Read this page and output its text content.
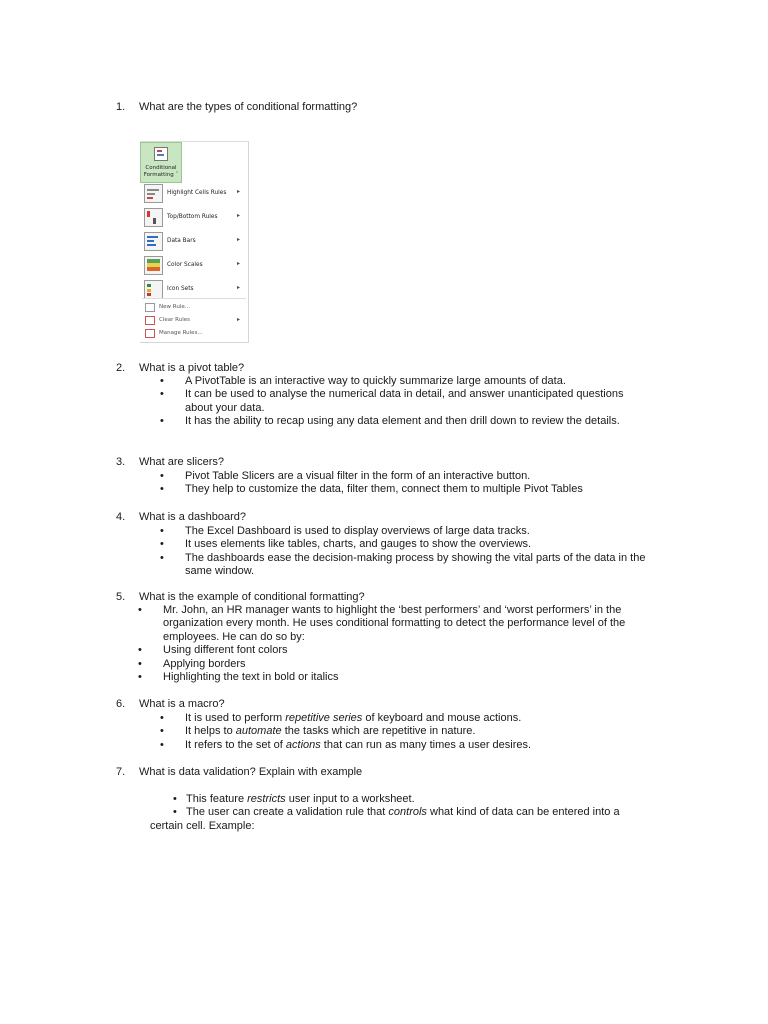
1.	What are the types of conditional formatting?
Conditional
Formatting ˇ
Highlight Cells Rules ▸
Top/Bottom Rules	▸
Data Bars	▸
Color Scales	▸
Icon Sets	▸
New Rule...
Clear Rules	▸
Manage Rules...
2.	What is a pivot table?
•	A PivotTable is an interactive way to quickly summarize large amounts of data.
•	It can be used to analyse the numerical data in detail, and answer unanticipated questions
about your data.
•	It has the ability to recap using any data element and then drill down to review the details.
3.	What are slicers?
•	Pivot Table Slicers are a visual filter in the form of an interactive button.
•	They help to customize the data, filter them, connect them to multiple Pivot Tables
4.	What is a dashboard?
•	The Excel Dashboard is used to display overviews of large data tracks.
•	It uses elements like tables, charts, and gauges to show the overviews.
•	The dashboards ease the decision-making process by showing the vital parts of the data in the
same window.
5.	What is the example of conditional formatting?
•	Mr. John, an HR manager wants to highlight the ‘best performers’ and ‘worst performers’ in the
organization every month. He uses conditional formatting to detect the performance level of the
employees. He can do so by:
•	Using different font colors
•	Applying borders
•	Highlighting the text in bold or italics
6.	What is a macro?
•	It is used to perform repetitive series of keyboard and mouse actions.
•	It helps to automate the tasks which are repetitive in nature.
•	It refers to the set of actions that can run as many times a user desires.
7.	What is data validation? Explain with example
• This feature restricts user input to a worksheet.
• The user can create a validation rule that controls what kind of data can be entered into a
certain cell. Example:
